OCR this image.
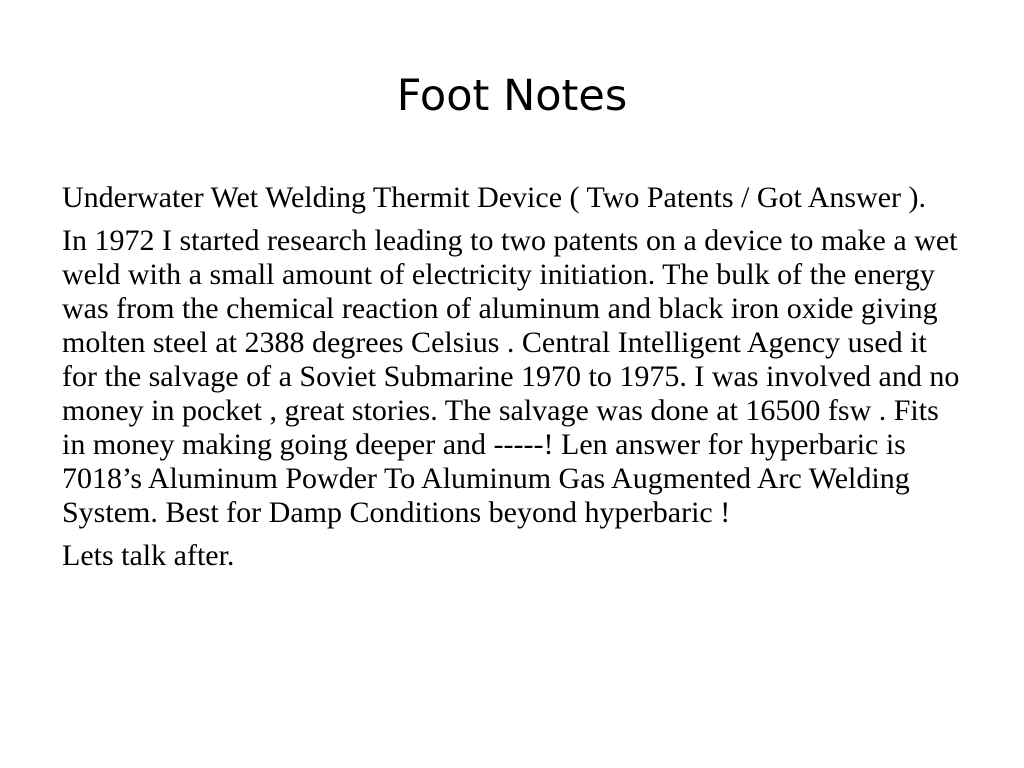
Foot Notes

Underwater Wet Welding Thermit Device ( Two Patents / Got Answer ).

In 1972 I started research leading to two patents on a device to make a wet weld with a small amount of electricity initiation. The bulk of the energy was from the chemical reaction of aluminum and black iron oxide giving molten steel at 2388 degrees Celsius . Central Intelligent Agency used it for the salvage of a Soviet Submarine 1970 to 1975. I was involved and no money in pocket , great stories. The salvage was done at 16500 fsw . Fits in money making going deeper and -----! Len answer for hyperbaric is 7018’s Aluminum Powder To Aluminum Gas Augmented Arc Welding System. Best for Damp Conditions beyond hyperbaric !

Lets talk after.
